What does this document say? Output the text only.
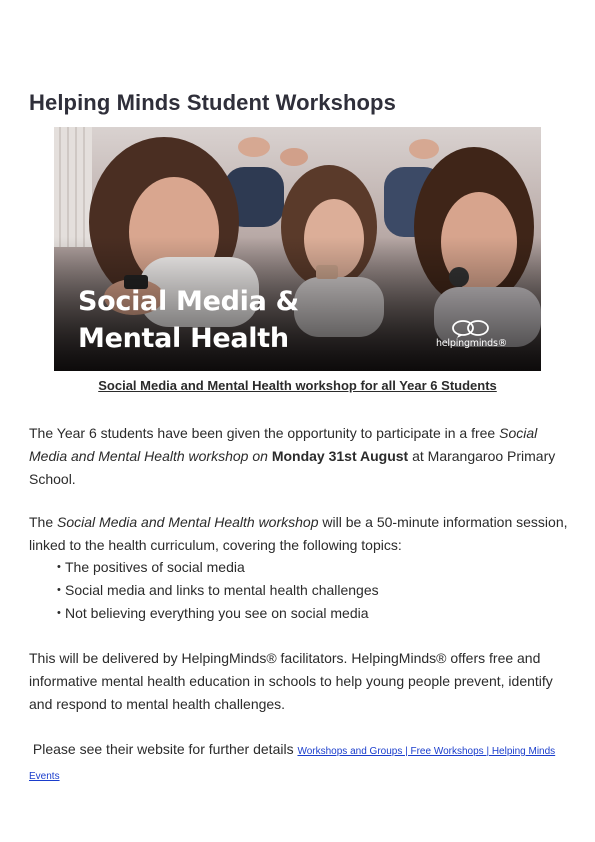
Helping Minds Student Workshops
Social Media &
Mental Health	helpingminds®
Social Media and Mental Health workshop for all Year 6 Students

The Year 6 students have been given the opportunity to participate in a free Social Media and Mental Health workshop on Monday 31st August at Marangaroo Primary School.

The Social Media and Mental Health workshop will be a 50-minute information session, linked to the health curriculum, covering the following topics:

• The positives of social media
• Social media and links to mental health challenges
• Not believing everything you see on social media

This will be delivered by HelpingMinds® facilitators. HelpingMinds® offers free and informative mental health education in schools to help young people prevent, identify and respond to mental health challenges.

Please see their website for further details Workshops and Groups | Free Workshops | Helping Minds Events
